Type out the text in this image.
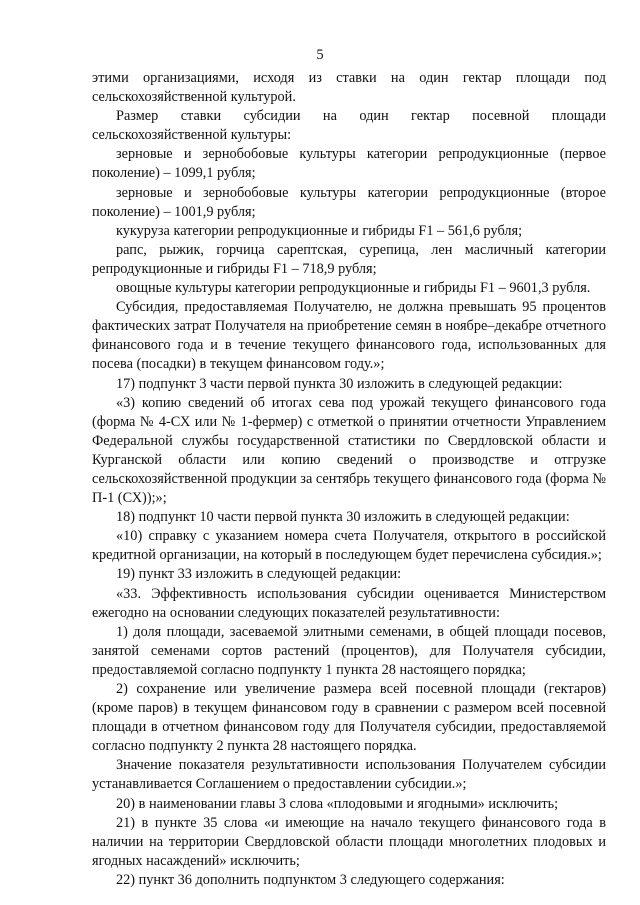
5

этими организациями, исходя из ставки на один гектар площади под сельскохозяйственной культурой.

Размер ставки субсидии на один гектар посевной площади сельскохозяйственной культуры:

зерновые и зернобобовые культуры категории репродукционные (первое поколение) – 1099,1 рубля;

зерновые и зернобобовые культуры категории репродукционные (второе поколение) – 1001,9 рубля;

кукуруза категории репродукционные и гибриды F1 – 561,6 рубля;

рапс, рыжик, горчица сарептская, сурепица, лен масличный категории репродукционные и гибриды F1 – 718,9 рубля;

овощные культуры категории репродукционные и гибриды F1 – 9601,3 рубля.

Субсидия, предоставляемая Получателю, не должна превышать 95 процентов фактических затрат Получателя на приобретение семян в ноябре–декабре отчетного финансового года и в течение текущего финансового года, использованных для посева (посадки) в текущем финансовом году.»;

17) подпункт 3 части первой пункта 30 изложить в следующей редакции:

«3) копию сведений об итогах сева под урожай текущего финансового года (форма № 4-СХ или № 1-фермер) с отметкой о принятии отчетности Управлением Федеральной службы государственной статистики по Свердловской области и Курганской области или копию сведений о производстве и отгрузке сельскохозяйственной продукции за сентябрь текущего финансового года (форма № П-1 (СХ));»;

18) подпункт 10 части первой пункта 30 изложить в следующей редакции:

«10) справку с указанием номера счета Получателя, открытого в российской кредитной организации, на который в последующем будет перечислена субсидия.»;

19) пункт 33 изложить в следующей редакции:

«33. Эффективность использования субсидии оценивается Министерством ежегодно на основании следующих показателей результативности:

1) доля площади, засеваемой элитными семенами, в общей площади посевов, занятой семенами сортов растений (процентов), для Получателя субсидии, предоставляемой согласно подпункту 1 пункта 28 настоящего порядка;

2) сохранение или увеличение размера всей посевной площади (гектаров) (кроме паров) в текущем финансовом году в сравнении с размером всей посевной площади в отчетном финансовом году для Получателя субсидии, предоставляемой согласно подпункту 2 пункта 28 настоящего порядка.

Значение показателя результативности использования Получателем субсидии устанавливается Соглашением о предоставлении субсидии.»;

20) в наименовании главы 3 слова «плодовыми и ягодными» исключить;

21) в пункте 35 слова «и имеющие на начало текущего финансового года в наличии на территории Свердловской области площади многолетних плодовых и ягодных насаждений» исключить;

22) пункт 36 дополнить подпунктом 3 следующего содержания:
